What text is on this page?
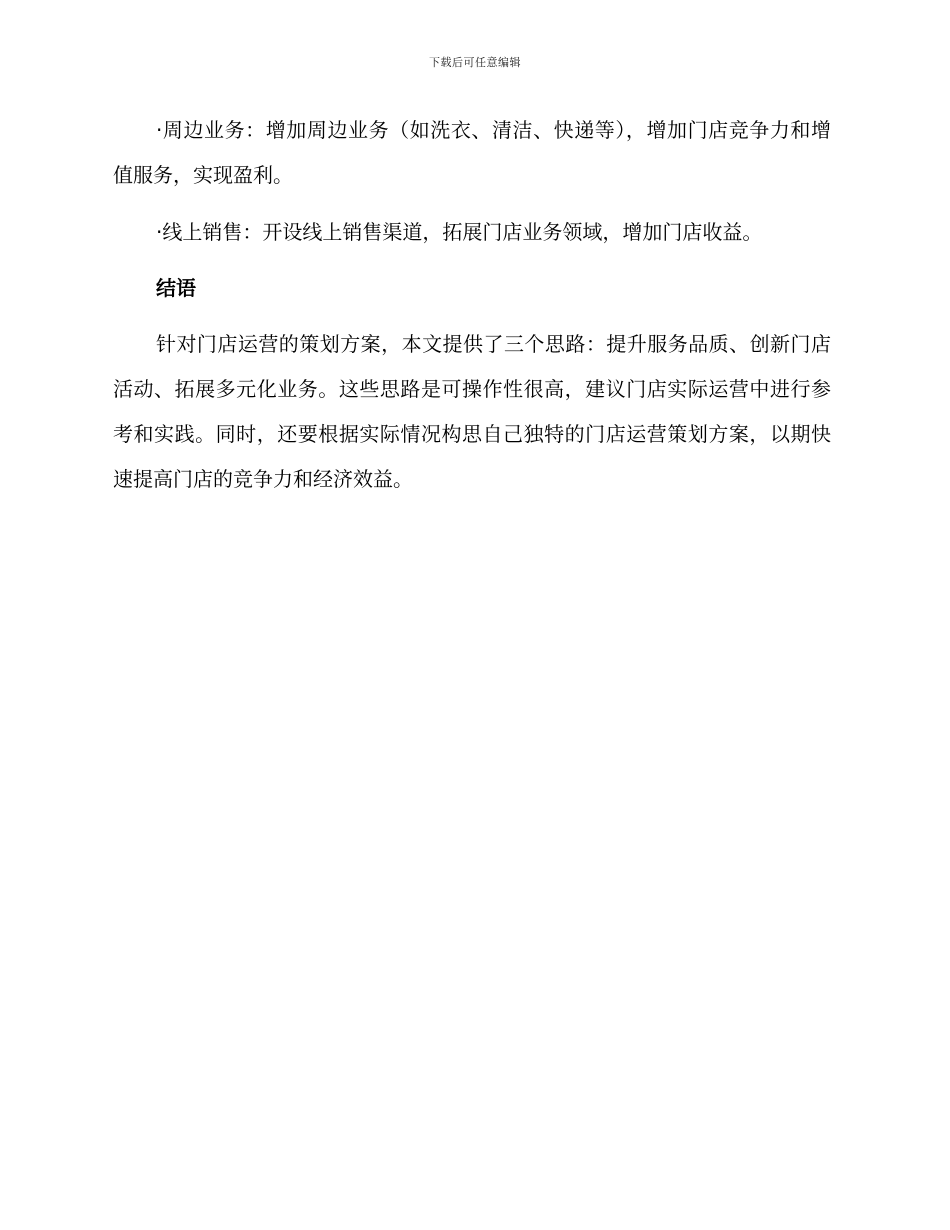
下载后可任意编辑

·周边业务：增加周边业务（如洗衣、清洁、快递等），增加门店竞争力和增值服务，实现盈利。

·线上销售：开设线上销售渠道，拓展门店业务领域，增加门店收益。

结语

针对门店运营的策划方案，本文提供了三个思路：提升服务品质、创新门店活动、拓展多元化业务。这些思路是可操作性很高，建议门店实际运营中进行参考和实践。同时，还要根据实际情况构思自己独特的门店运营策划方案，以期快速提高门店的竞争力和经济效益。
